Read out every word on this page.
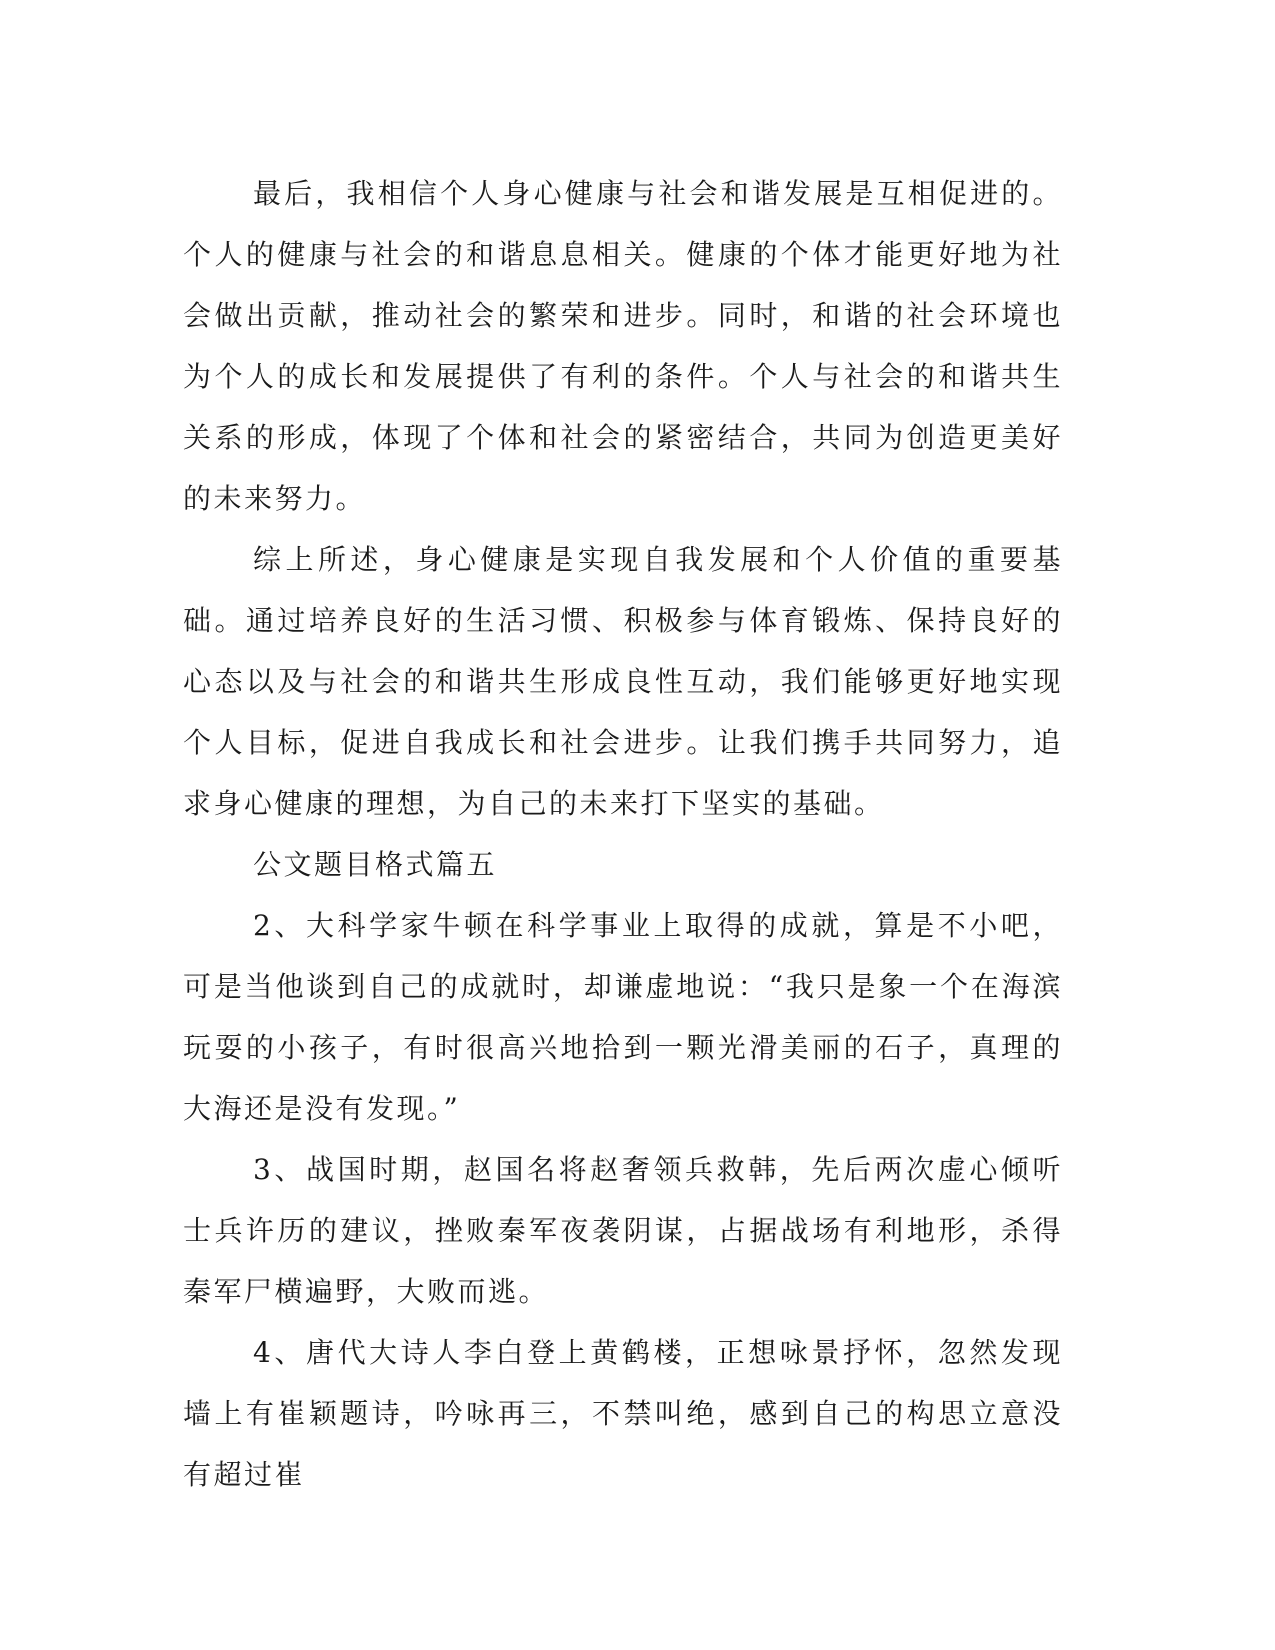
最后，我相信个人身心健康与社会和谐发展是互相促进的。个人的健康与社会的和谐息息相关。健康的个体才能更好地为社会做出贡献，推动社会的繁荣和进步。同时，和谐的社会环境也为个人的成长和发展提供了有利的条件。个人与社会的和谐共生关系的形成，体现了个体和社会的紧密结合，共同为创造更美好的未来努力。

综上所述，身心健康是实现自我发展和个人价值的重要基础。通过培养良好的生活习惯、积极参与体育锻炼、保持良好的心态以及与社会的和谐共生形成良性互动，我们能够更好地实现个人目标，促进自我成长和社会进步。让我们携手共同努力，追求身心健康的理想，为自己的未来打下坚实的基础。

公文题目格式篇五

2、大科学家牛顿在科学事业上取得的成就，算是不小吧，可是当他谈到自己的成就时，却谦虚地说：“我只是象一个在海滨玩耍的小孩子，有时很高兴地拾到一颗光滑美丽的石子，真理的大海还是没有发现。”

3、战国时期，赵国名将赵奢领兵救韩，先后两次虚心倾听士兵许历的建议，挫败秦军夜袭阴谋，占据战场有利地形，杀得秦军尸横遍野，大败而逃。

4、唐代大诗人李白登上黄鹤楼，正想咏景抒怀，忽然发现墙上有崔颖题诗，吟咏再三，不禁叫绝，感到自己的构思立意没有超过崔
